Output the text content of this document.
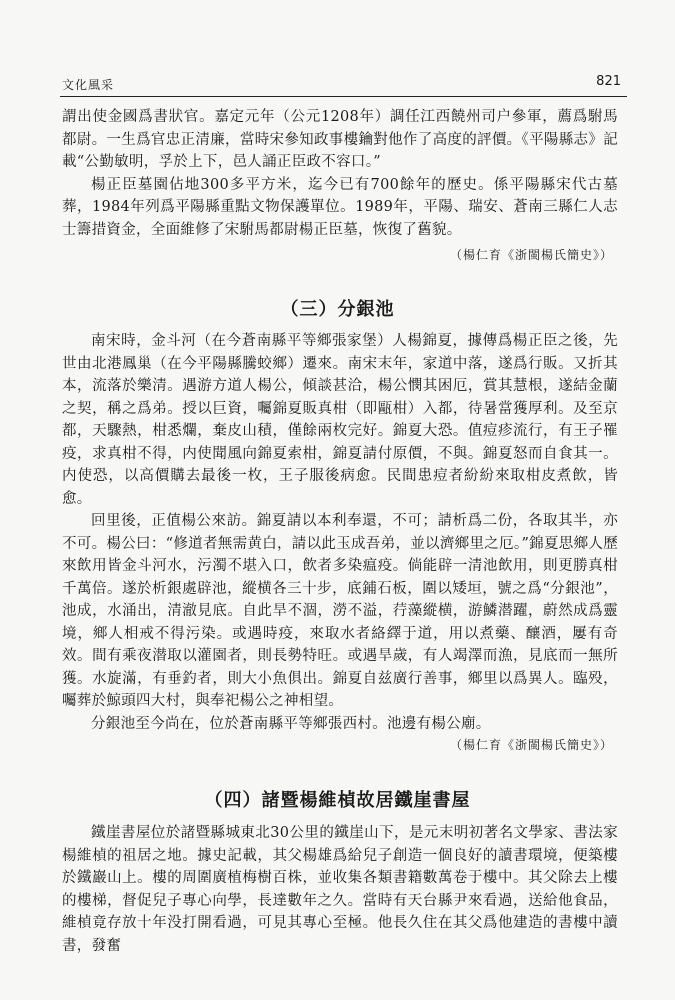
文化風采	821

謂出使金國爲書狀官。嘉定元年（公元1208年）調任江西饒州司户參軍，薦爲駙馬都尉。一生爲官忠正清廉，當時宋參知政事樓鑰對他作了高度的評價。《平陽縣志》記載“公勤敏明，孚於上下，邑人誦正臣政不容口。”

楊正臣墓園佔地300多平方米，迄今已有700餘年的歷史。係平陽縣宋代古墓葬，1984年列爲平陽縣重點文物保護單位。1989年，平陽、瑞安、蒼南三縣仁人志士籌措資金，全面維修了宋駙馬都尉楊正臣墓，恢復了舊貌。

（楊仁育《浙閩楊氏簡史》）
（三）分銀池

南宋時，金斗河（在今蒼南縣平等鄉張家堡）人楊錦夏，據傳爲楊正臣之後，先世由北港鳳巢（在今平陽縣騰蛟鄉）遷來。南宋末年，家道中落，遂爲行販。又折其本，流落於樂清。遇游方道人楊公，傾談甚洽，楊公憫其困厄，賞其慧根，遂結金蘭之契，稱之爲弟。授以巨資，囑錦夏販真柑（即甌柑）入都，待暑當獲厚利。及至京都，天驟熱，柑悉爛，棄皮山積，僅餘兩枚完好。錦夏大恐。值痘疹流行，有王子罹疫，求真柑不得，内使聞風向錦夏索柑，錦夏請付原價，不與。錦夏怒而自食其一。内使恐，以高價購去最後一枚，王子服後病愈。民間患痘者紛紛來取柑皮煮飲，皆愈。

回里後，正值楊公來訪。錦夏請以本利奉還，不可；請析爲二份，各取其半，亦不可。楊公曰：“修道者無需黄白，請以此玉成吾弟，並以濟鄉里之厄。”錦夏思鄉人歷來飲用皆金斗河水，污濁不堪入口，飲者多染瘟疫。倘能辟一清池飲用，則更勝真柑千萬倍。遂於析銀處辟池，縱横各三十步，底鋪石板，圍以矮垣，號之爲“分銀池”，池成，水涌出，清澈見底。自此旱不涸，澇不溢，荇藻縱横，游鱗潜躍，蔚然成爲靈境，鄉人相戒不得污染。或遇時疫，來取水者絡繹于道，用以煮藥、釀酒，屢有奇效。間有乘夜潜取以灌園者，則長勢特旺。或遇旱歲，有人竭澤而漁，見底而一無所獲。水旋滿，有垂釣者，則大小魚俱出。錦夏自兹廣行善事，鄉里以爲異人。臨殁，囑葬於鯨頭四大村，與奉祀楊公之神相望。

分銀池至今尚在，位於蒼南縣平等鄉張西村。池邊有楊公廟。

（楊仁育《浙閩楊氏簡史》）
（四）諸暨楊維楨故居鐵崖書屋

鐵崖書屋位於諸暨縣城東北30公里的鐵崖山下，是元末明初著名文學家、書法家楊維楨的祖居之地。據史記載，其父楊雄爲給兒子創造一個良好的讀書環境，便築樓於鐵巖山上。樓的周圍廣植梅樹百株，並收集各類書籍數萬卷于樓中。其父除去上樓的樓梯，督促兒子專心向學，長達數年之久。當時有天台縣尹來看過，送給他食品，維楨竟存放十年没打開看過，可見其專心至極。他長久住在其父爲他建造的書樓中讀書，發奮
